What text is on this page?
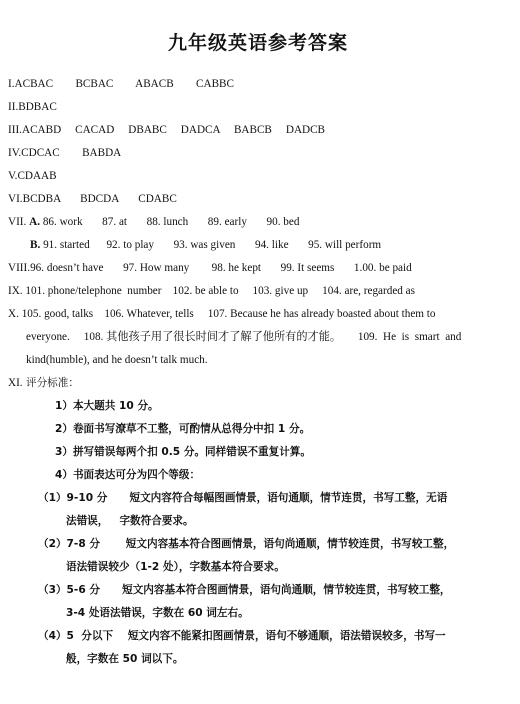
九年级英语参考答案
I.ACBAC        BCBAC        ABACB        CABBC
II.BDBAC
III.ACABD     CACAD     DBABC     DADCA     BABCB     DADCB
IV.CDCAC        BABDA
V.CDAAB
VI.BCDBA       BDCDA       CDABC
VII. A. 86. work       87. at       88. lunch       89. early       90. bed
B. 91. started      92. to play       93. was given       94. like       95. will perform
VIII.96. doesn’t have       97. How many        98. he kept       99. It seems       1.00. be paid
IX. 101. phone/telephone  number    102. be able to     103. give up     104. are, regarded as
X. 105. good, talks    106. Whatever, tells     107. Because he has already boasted about them to
everyone.     108. 其他孩子用了很长时间才了解了他所有的才能。      109.  He  is  smart  and
kind(humble), and he doesn’t talk much.
XI. 评分标准：
1）本大题共 10 分。
2）卷面书写潦草不工整，可酌情从总得分中扣 1 分。
3）拼写错误每两个扣 0.5 分。同样错误不重复计算。
4）书面表达可分为四个等级：
（1）9-10 分      短文内容符合每幅图画情景，语句通顺，情节连贯，书写工整，无语
法错误，   字数符合要求。
（2）7-8 分       短文内容基本符合图画情景，语句尚通顺，情节较连贯，书写较工整，
语法错误较少（1-2 处），字数基本符合要求。
（3）5-6 分      短文内容基本符合图画情景，语句尚通顺，情节较连贯，书写较工整，
3-4 处语法错误，字数在 60 词左右。
（4）5  分以下    短文内容不能紧扣图画情景，语句不够通顺，语法错误较多，书写一
般，字数在 50 词以下。
